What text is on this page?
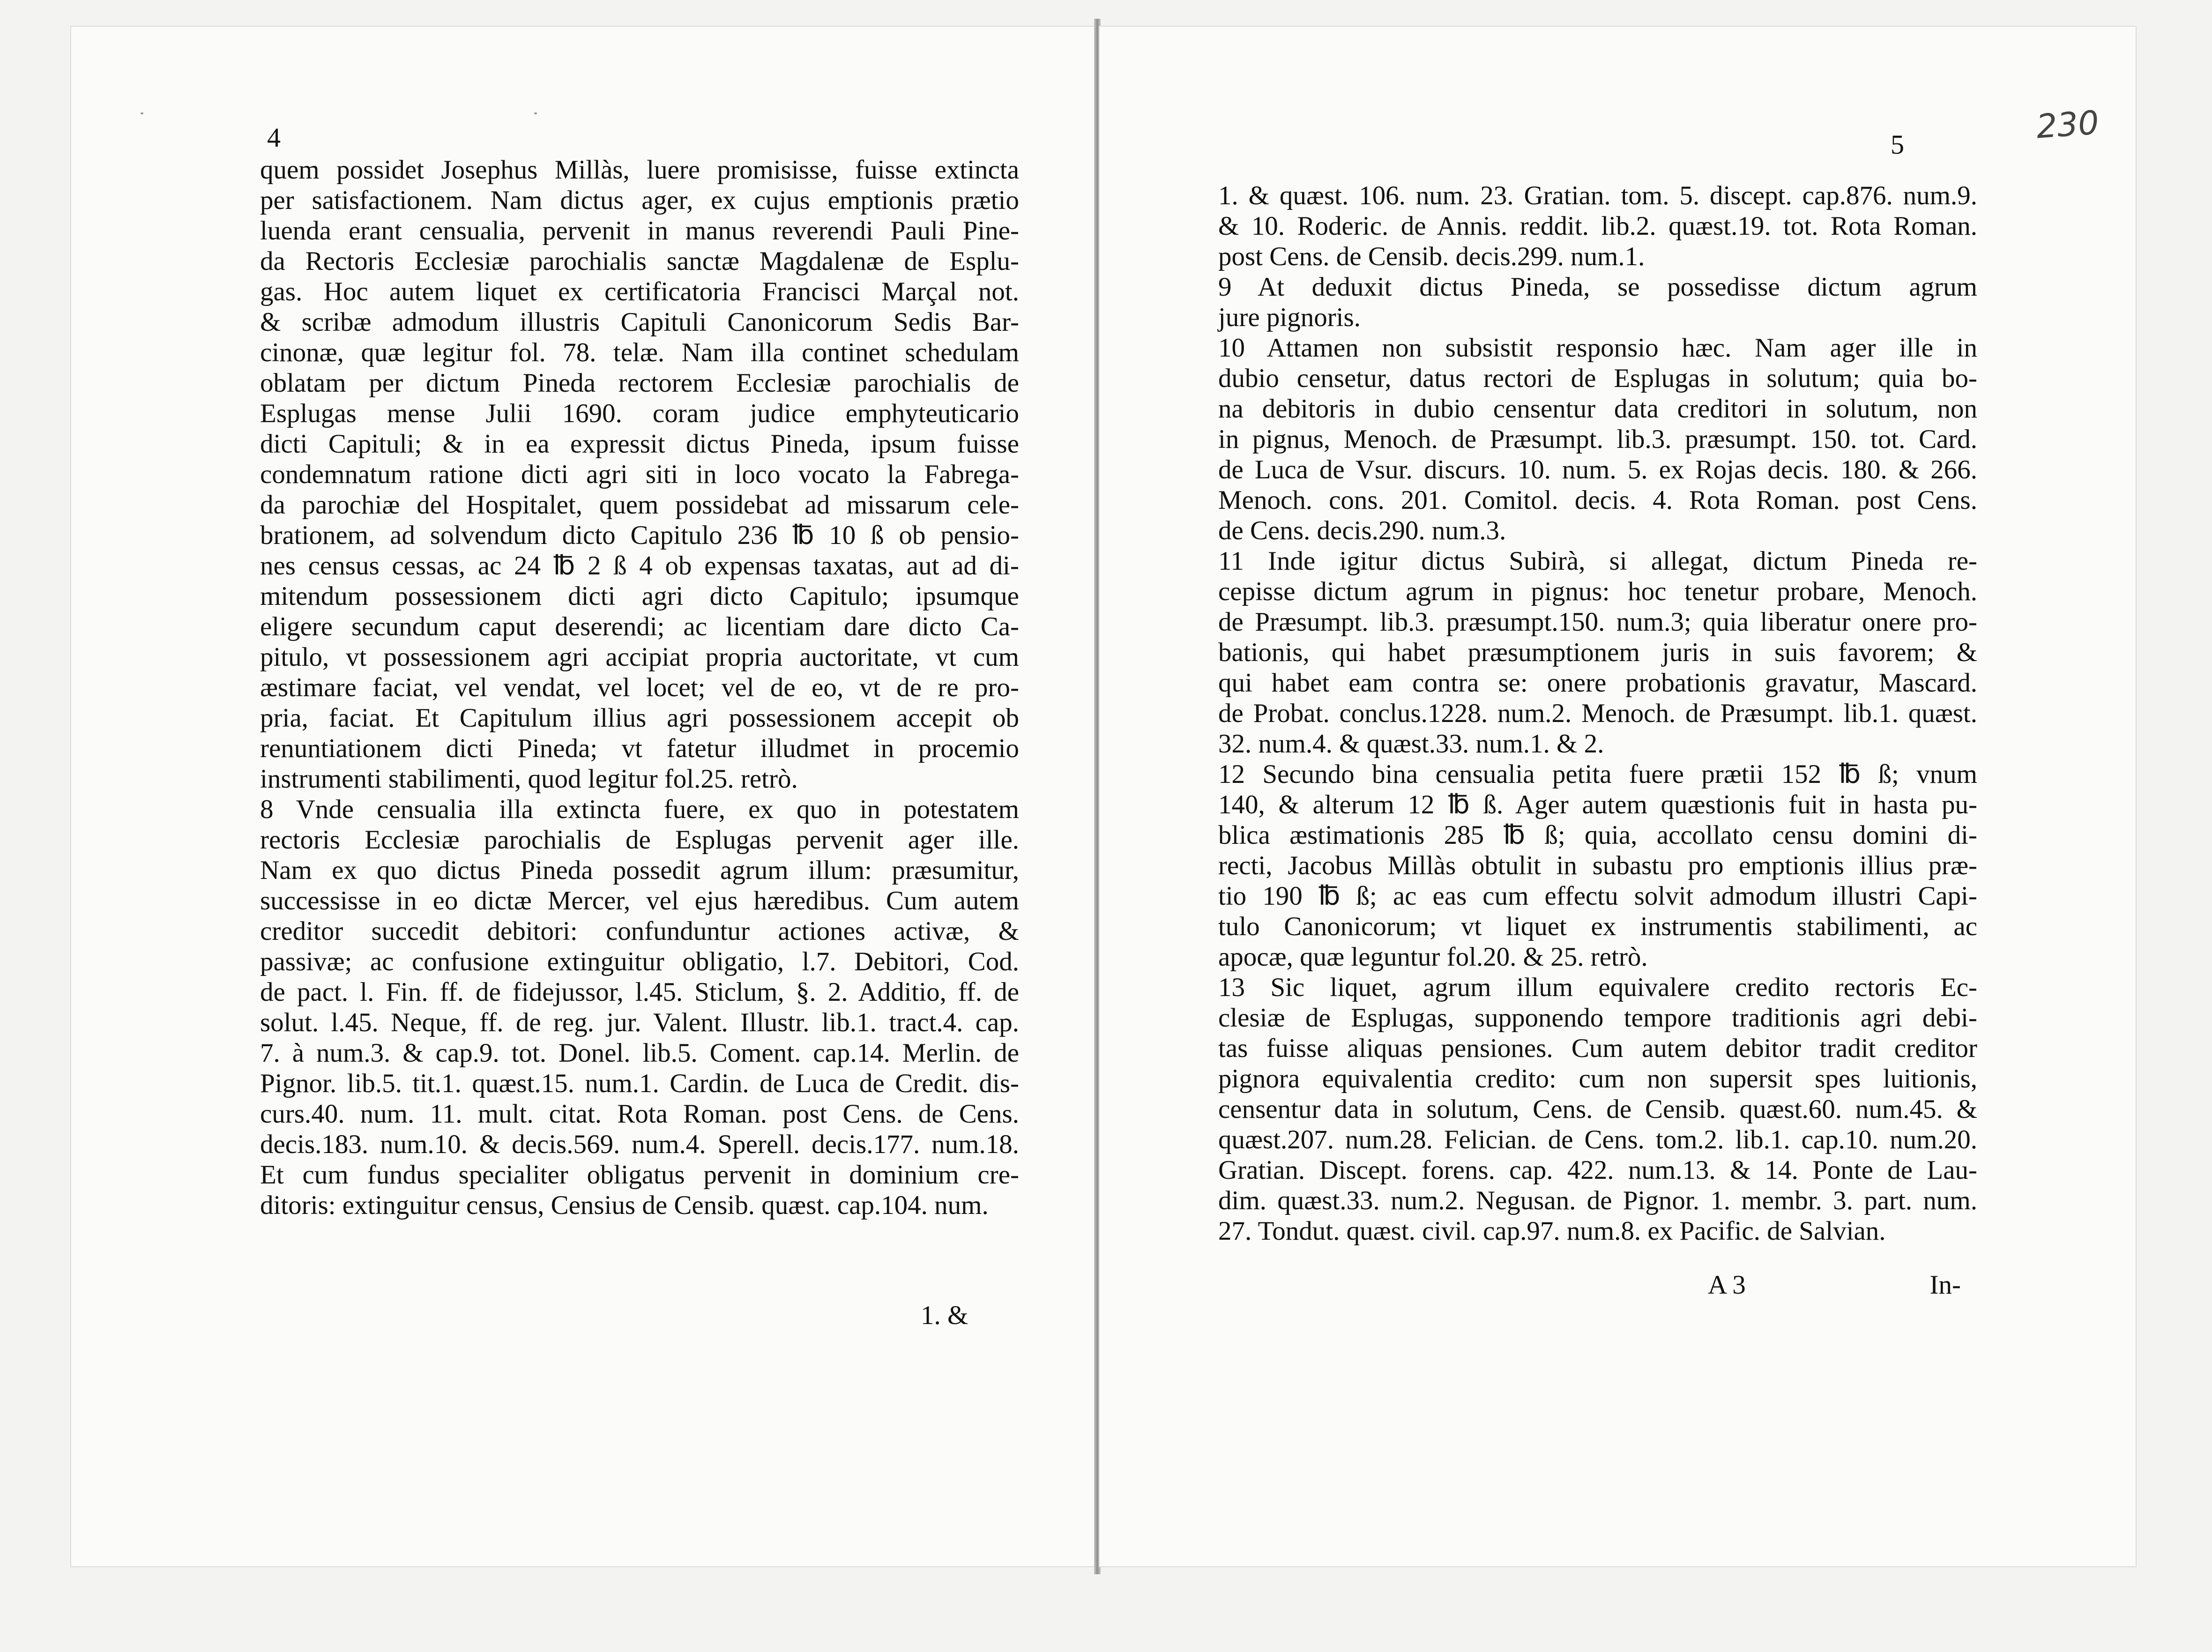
4
quem possidet Josephus Millàs, luere promisisse, fuisse extincta
per satisfactionem. Nam dictus ager, ex cujus emptionis prætio
luenda erant censualia, pervenit in manus reverendi Pauli Pine-
da Rectoris Ecclesiæ parochialis sanctæ Magdalenæ de Esplu-
gas. Hoc autem liquet ex certificatoria Francisci Marçal not.
& scribæ admodum illustris Capituli Canonicorum Sedis Bar-
cinonæ, quæ legitur fol. 78. telæ. Nam illa continet schedulam
oblatam per dictum Pineda rectorem Ecclesiæ parochialis de
Esplugas mense Julii 1690. coram judice emphyteuticario
dicti Capituli; & in ea expressit dictus Pineda, ipsum fuisse
condemnatum ratione dicti agri siti in loco vocato la Fabrega-
da parochiæ del Hospitalet, quem possidebat ad missarum cele-
brationem, ad solvendum dicto Capitulo 236 ℔ 10 ß ob pensio-
nes census cessas, ac 24 ℔ 2 ß 4 ob expensas taxatas, aut ad di-
mitendum possessionem dicti agri dicto Capitulo; ipsumque
eligere secundum caput deserendi; ac licentiam dare dicto Ca-
pitulo, vt possessionem agri accipiat propria auctoritate, vt cum
æstimare faciat, vel vendat, vel locet; vel de eo, vt de re pro-
pria, faciat. Et Capitulum illius agri possessionem accepit ob
renuntiationem dicti Pineda; vt fatetur illudmet in procemio
instrumenti stabilimenti, quod legitur fol.25. retrò.
8 Vnde censualia illa extincta fuere, ex quo in potestatem
rectoris Ecclesiæ parochialis de Esplugas pervenit ager ille.
Nam ex quo dictus Pineda possedit agrum illum: præsumitur,
successisse in eo dictæ Mercer, vel ejus hæredibus. Cum autem
creditor succedit debitori: confunduntur actiones activæ, &
passivæ; ac confusione extinguitur obligatio, l.7. Debitori, Cod.
de pact. l. Fin. ff. de fidejussor, l.45. Sticlum, §. 2. Additio, ff. de
solut. l.45. Neque, ff. de reg. jur. Valent. Illustr. lib.1. tract.4. cap.
7. à num.3. & cap.9. tot. Donel. lib.5. Coment. cap.14. Merlin. de
Pignor. lib.5. tit.1. quæst.15. num.1. Cardin. de Luca de Credit. dis-
curs.40. num. 11. mult. citat. Rota Roman. post Cens. de Cens.
decis.183. num.10. & decis.569. num.4. Sperell. decis.177. num.18.
Et cum fundus specialiter obligatus pervenit in dominium cre-
ditoris: extinguitur census, Censius de Censib. quæst. cap.104. num.
1. &
5	230
1. & quæst. 106. num. 23. Gratian. tom. 5. discept. cap.876. num.9.
& 10. Roderic. de Annis. reddit. lib.2. quæst.19. tot. Rota Roman.
post Cens. de Censib. decis.299. num.1.
9 At deduxit dictus Pineda, se possedisse dictum agrum
jure pignoris.
10 Attamen non subsistit responsio hæc. Nam ager ille in
dubio censetur, datus rectori de Esplugas in solutum; quia bo-
na debitoris in dubio censentur data creditori in solutum, non
in pignus, Menoch. de Præsumpt. lib.3. præsumpt. 150. tot. Card.
de Luca de Vsur. discurs. 10. num. 5. ex Rojas decis. 180. & 266.
Menoch. cons. 201. Comitol. decis. 4. Rota Roman. post Cens.
de Cens. decis.290. num.3.
11 Inde igitur dictus Subirà, si allegat, dictum Pineda re-
cepisse dictum agrum in pignus: hoc tenetur probare, Menoch.
de Præsumpt. lib.3. præsumpt.150. num.3; quia liberatur onere pro-
bationis, qui habet præsumptionem juris in suis favorem; &
qui habet eam contra se: onere probationis gravatur, Mascard.
de Probat. conclus.1228. num.2. Menoch. de Præsumpt. lib.1. quæst.
32. num.4. & quæst.33. num.1. & 2.
12 Secundo bina censualia petita fuere prætii 152 ℔ ß; vnum
140, & alterum 12 ℔ ß. Ager autem quæstionis fuit in hasta pu-
blica æstimationis 285 ℔ ß; quia, accollato censu domini di-
recti, Jacobus Millàs obtulit in subastu pro emptionis illius præ-
tio 190 ℔ ß; ac eas cum effectu solvit admodum illustri Capi-
tulo Canonicorum; vt liquet ex instrumentis stabilimenti, ac
apocæ, quæ leguntur fol.20. & 25. retrò.
13 Sic liquet, agrum illum equivalere credito rectoris Ec-
clesiæ de Esplugas, supponendo tempore traditionis agri debi-
tas fuisse aliquas pensiones. Cum autem debitor tradit creditor
pignora equivalentia credito: cum non supersit spes luitionis,
censentur data in solutum, Cens. de Censib. quæst.60. num.45. &
quæst.207. num.28. Felician. de Cens. tom.2. lib.1. cap.10. num.20.
Gratian. Discept. forens. cap. 422. num.13. & 14. Ponte de Lau-
dim. quæst.33. num.2. Negusan. de Pignor. 1. membr. 3. part. num.
27. Tondut. quæst. civil. cap.97. num.8. ex Pacific. de Salvian.
A 3	In-
